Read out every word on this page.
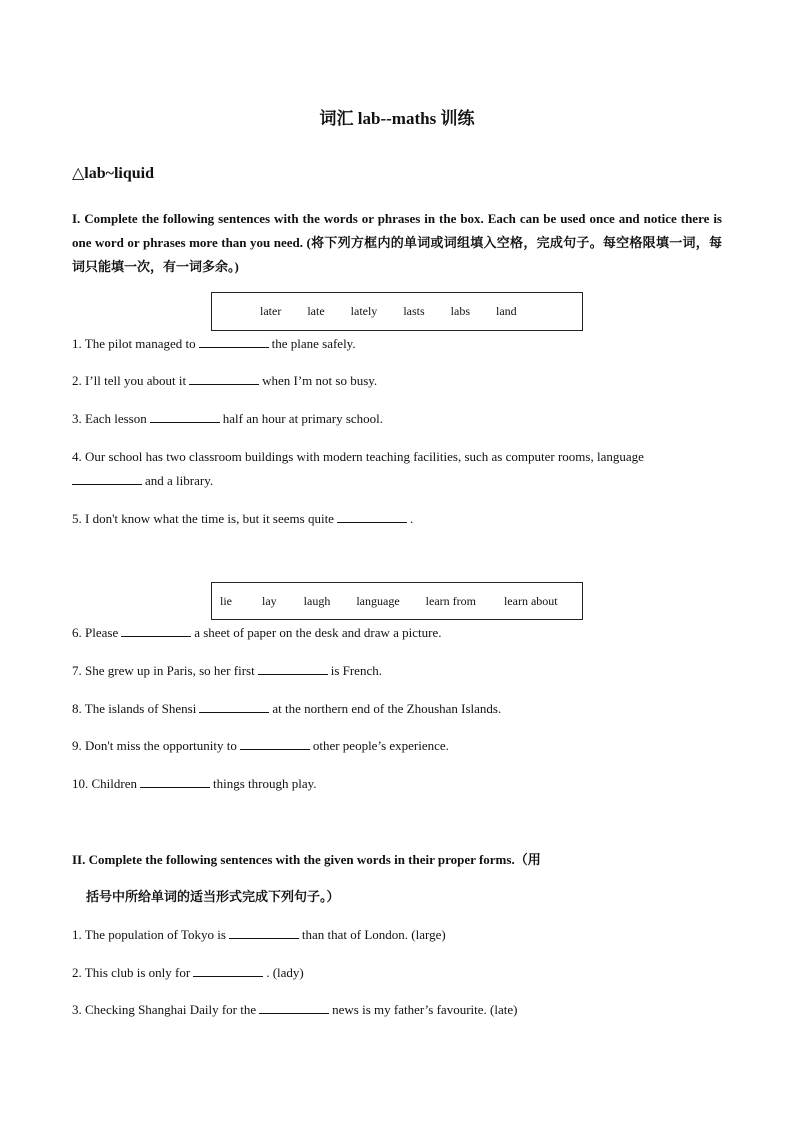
词汇 lab--maths 训练
△lab~liquid
I. Complete the following sentences with the words or phrases in the box. Each can be used once and notice there is one word or phrases more than you need. (将下列方框内的单词或词组填入空格，完成句子。每空格限填一词，每词只能填一次，有一词多余。)
later late lately lasts labs land
1. The pilot managed to	the plane safely.
2. I’ll tell you about it	when I’m not so busy.
3. Each lesson	half an hour at primary school.
4. Our school has two classroom buildings with modern teaching facilities, such as computer rooms, language
and a library.
5. I don't know what the time is, but it seems quite	.
lie	lay laugh language learn from learn about
6. Please	a sheet of paper on the desk and draw a picture.
7. She grew up in Paris, so her first	is French.
8. The islands of Shensi	at the northern end of the Zhoushan Islands.
9. Don't miss the opportunity to	other people’s experience.
10. Children	things through play.
II. Complete the following sentences with the given words in their proper forms.（用
括号中所给单词的适当形式完成下列句子。）
1. The population of Tokyo is	than that of London. (large)
2. This club is only for	. (lady)
3. Checking Shanghai Daily for the	news is my father’s favourite. (late)
